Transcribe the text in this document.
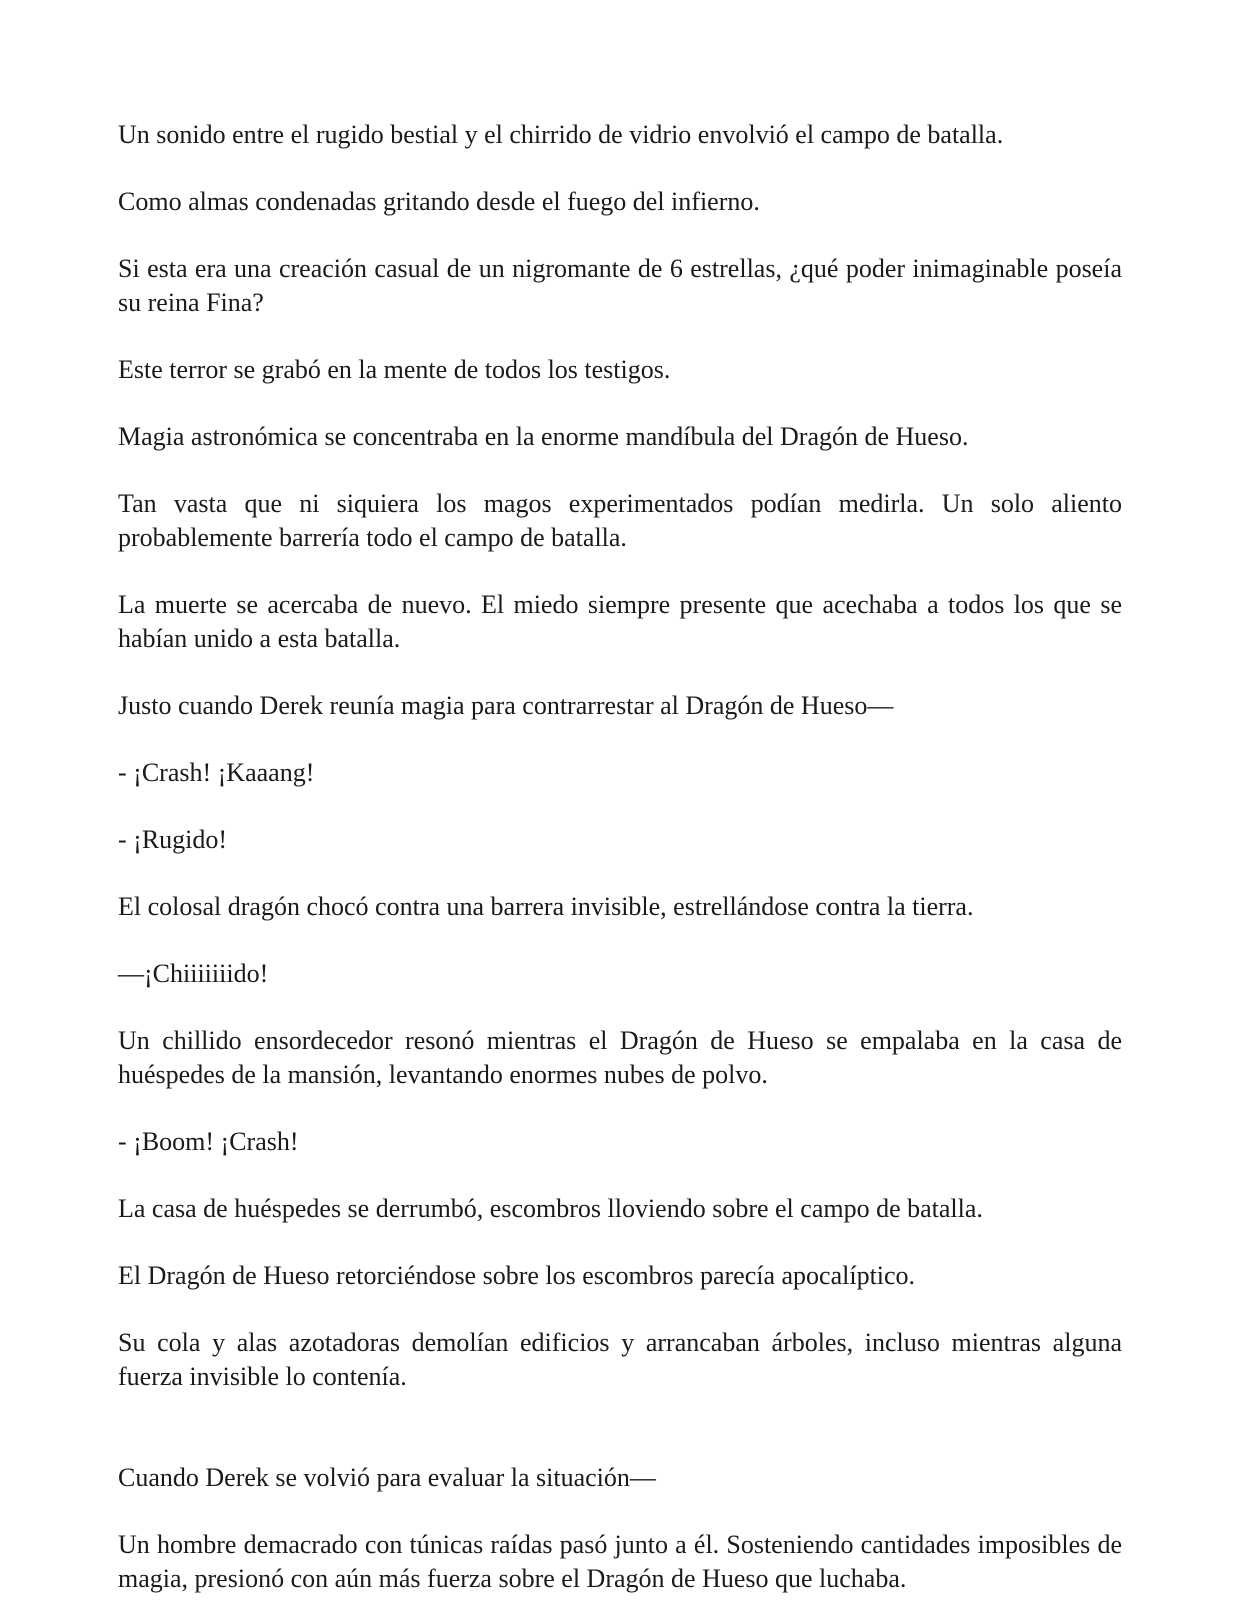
Un sonido entre el rugido bestial y el chirrido de vidrio envolvió el campo de batalla.

Como almas condenadas gritando desde el fuego del infierno.

Si esta era una creación casual de un nigromante de 6 estrellas, ¿qué poder inimaginable poseía su reina Fina?

Este terror se grabó en la mente de todos los testigos.

Magia astronómica se concentraba en la enorme mandíbula del Dragón de Hueso.

Tan vasta que ni siquiera los magos experimentados podían medirla. Un solo aliento probablemente barrería todo el campo de batalla.

La muerte se acercaba de nuevo. El miedo siempre presente que acechaba a todos los que se habían unido a esta batalla.

Justo cuando Derek reunía magia para contrarrestar al Dragón de Hueso—

- ¡Crash! ¡Kaaang!

- ¡Rugido!

El colosal dragón chocó contra una barrera invisible, estrellándose contra la tierra.

—¡Chiiiiiiido!

Un chillido ensordecedor resonó mientras el Dragón de Hueso se empalaba en la casa de huéspedes de la mansión, levantando enormes nubes de polvo.

- ¡Boom! ¡Crash!

La casa de huéspedes se derrumbó, escombros lloviendo sobre el campo de batalla.

El Dragón de Hueso retorciéndose sobre los escombros parecía apocalíptico.

Su cola y alas azotadoras demolían edificios y arrancaban árboles, incluso mientras alguna fuerza invisible lo contenía.

Cuando Derek se volvió para evaluar la situación—

Un hombre demacrado con túnicas raídas pasó junto a él. Sosteniendo cantidades imposibles de magia, presionó con aún más fuerza sobre el Dragón de Hueso que luchaba.
